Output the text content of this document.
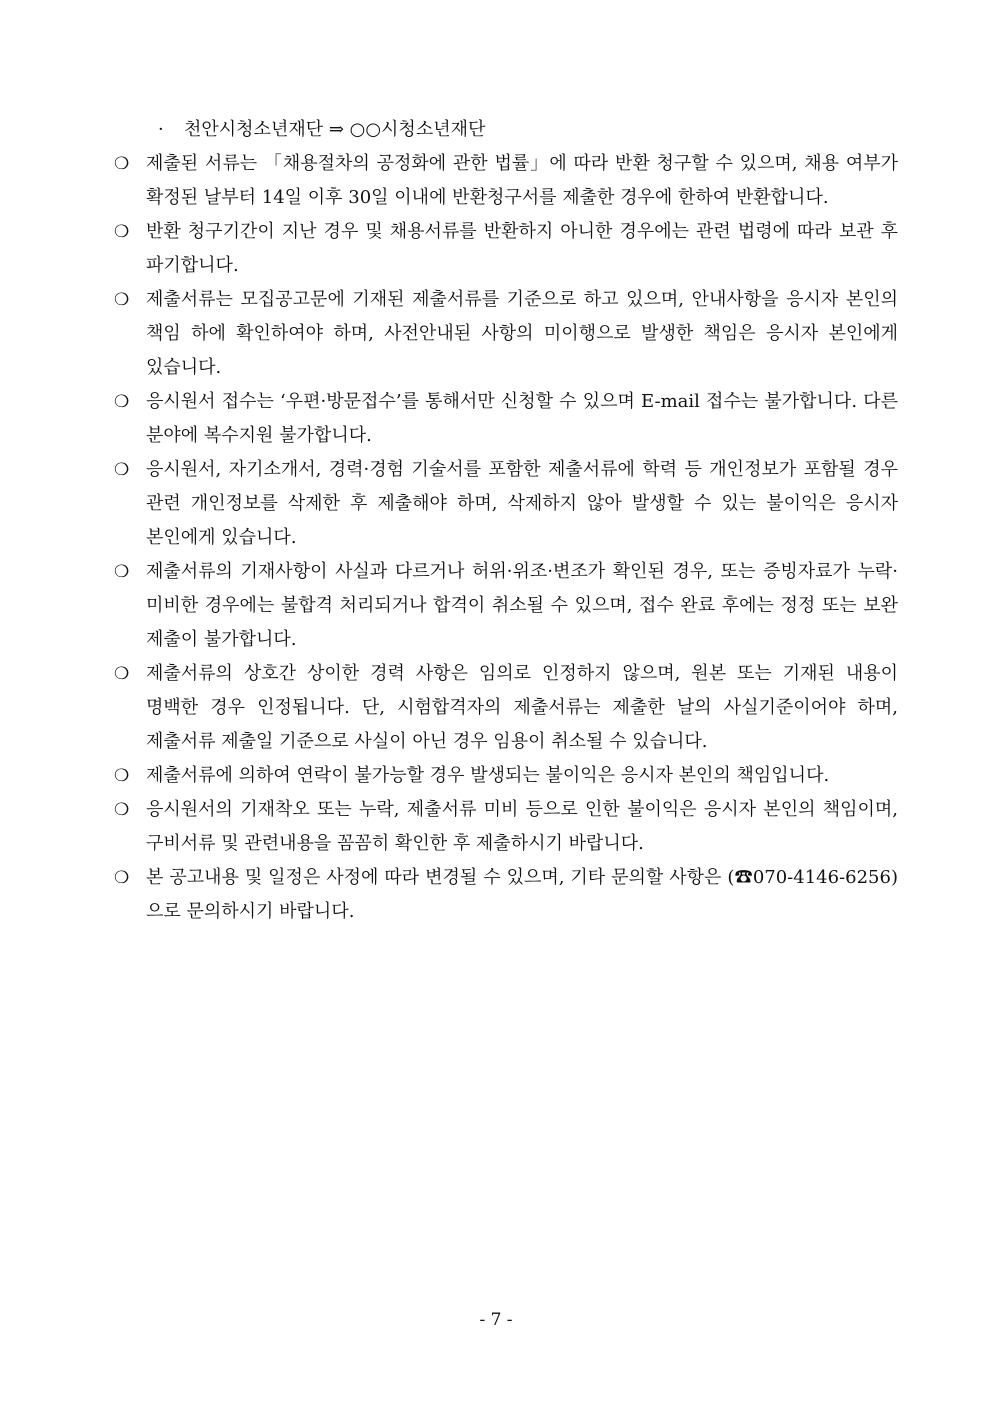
· 천안시청소년재단 ⇒ ○○시청소년재단
❍ 제출된 서류는 「채용절차의 공정화에 관한 법률」에 따라 반환 청구할 수 있으며, 채용 여부가 확정된 날부터 14일 이후 30일 이내에 반환청구서를 제출한 경우에 한하여 반환합니다.
❍ 반환 청구기간이 지난 경우 및 채용서류를 반환하지 아니한 경우에는 관련 법령에 따라 보관 후 파기합니다.
❍ 제출서류는 모집공고문에 기재된 제출서류를 기준으로 하고 있으며, 안내사항을 응시자 본인의 책임 하에 확인하여야 하며, 사전안내된 사항의 미이행으로 발생한 책임은 응시자 본인에게 있습니다.
❍ 응시원서 접수는 ‘우편·방문접수’를 통해서만 신청할 수 있으며 E-mail 접수는 불가합니다. 다른 분야에 복수지원 불가합니다.
❍ 응시원서, 자기소개서, 경력·경험 기술서를 포함한 제출서류에 학력 등 개인정보가 포함될 경우 관련 개인정보를 삭제한 후 제출해야 하며, 삭제하지 않아 발생할 수 있는 불이익은 응시자 본인에게 있습니다.
❍ 제출서류의 기재사항이 사실과 다르거나 허위·위조·변조가 확인된 경우, 또는 증빙자료가 누락·미비한 경우에는 불합격 처리되거나 합격이 취소될 수 있으며, 접수 완료 후에는 정정 또는 보완 제출이 불가합니다.
❍ 제출서류의 상호간 상이한 경력 사항은 임의로 인정하지 않으며, 원본 또는 기재된 내용이 명백한 경우 인정됩니다. 단, 시험합격자의 제출서류는 제출한 날의 사실기준이어야 하며, 제출서류 제출일 기준으로 사실이 아닌 경우 임용이 취소될 수 있습니다.
❍ 제출서류에 의하여 연락이 불가능할 경우 발생되는 불이익은 응시자 본인의 책임입니다.
❍ 응시원서의 기재착오 또는 누락, 제출서류 미비 등으로 인한 불이익은 응시자 본인의 책임이며, 구비서류 및 관련내용을 꼼꼼히 확인한 후 제출하시기 바랍니다.
❍ 본 공고내용 및 일정은 사정에 따라 변경될 수 있으며, 기타 문의할 사항은 (☎070-4146-6256)으로 문의하시기 바랍니다.
- 7 -
